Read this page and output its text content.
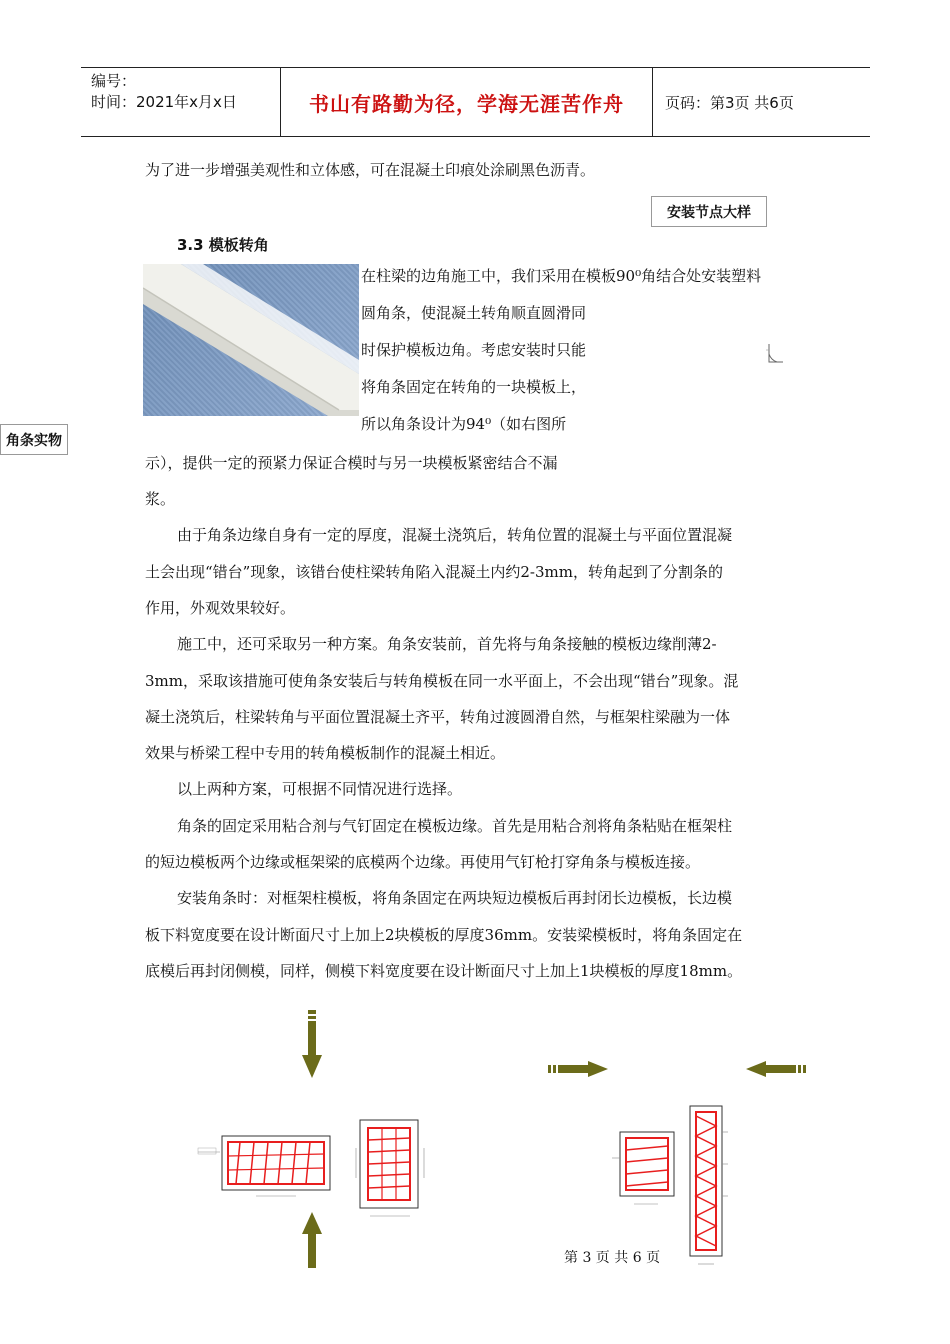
编号：
时间：2021年x月x日	书山有路勤为径，学海无涯苦作舟	页码：第3页 共6页
为了进一步增强美观性和立体感，可在混凝土印痕处涂刷黑色沥青。
安装节点大样
3.3 模板转角
在柱梁的边角施工中，我们采用在模板90⁰角结合处安装塑料
圆角条，使混凝土转角顺直圆滑同
时保护模板边角。考虑安装时只能
将角条固定在转角的一块模板上，
所以角条设计为94⁰（如右图所
角条实物
示），提供一定的预紧力保证合模时与另一块模板紧密结合不漏
浆。
由于角条边缘自身有一定的厚度，混凝土浇筑后，转角位置的混凝土与平面位置混凝
土会出现“错台”现象，该错台使柱梁转角陷入混凝土内约2-3mm，转角起到了分割条的
作用，外观效果较好。
施工中，还可采取另一种方案。角条安装前，首先将与角条接触的模板边缘削薄2-
3mm，采取该措施可使角条安装后与转角模板在同一水平面上，不会出现“错台”现象。混
凝土浇筑后，柱梁转角与平面位置混凝土齐平，转角过渡圆滑自然，与框架柱梁融为一体
效果与桥梁工程中专用的转角模板制作的混凝土相近。
以上两种方案，可根据不同情况进行选择。
角条的固定采用粘合剂与气钉固定在模板边缘。首先是用粘合剂将角条粘贴在框架柱
的短边模板两个边缘或框架梁的底模两个边缘。再使用气钉枪打穿角条与模板连接。
安装角条时：对框架柱模板，将角条固定在两块短边模板后再封闭长边模板，长边模
板下料宽度要在设计断面尺寸上加上2块模板的厚度36mm。安装梁模板时，将角条固定在
底模后再封闭侧模，同样，侧模下料宽度要在设计断面尺寸上加上1块模板的厚度18mm。
第 3 页 共 6 页
